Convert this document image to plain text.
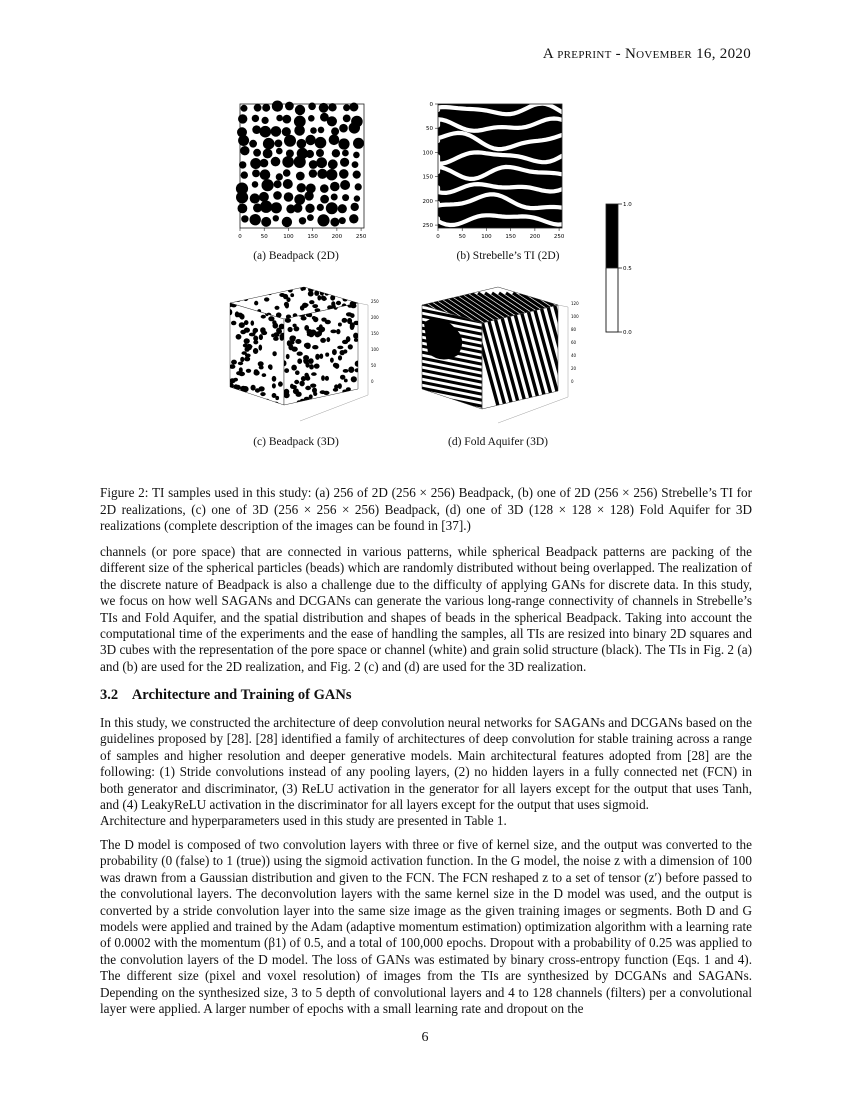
A preprint - November 16, 2020
0	50	100 150 200 250
(a) Beadpack (2D)
0	50	100 150 200 250
0
50
100
150
200
250
(b) Strebelle’s TI (2D)
1.0
0.5
0.0
250
200
150
100
50
0
(c) Beadpack (3D)
120
100
80
60
40
20
0
(d) Fold Aquifer (3D)
Figure 2: TI samples used in this study: (a) 256 of 2D (256 × 256) Beadpack, (b) one of 2D (256 × 256) Strebelle’s TI for 2D realizations, (c) one of 3D (256 × 256 × 256) Beadpack, (d) one of 3D (128 × 128 × 128) Fold Aquifer for 3D realizations (complete description of the images can be found in [37].)

channels (or pore space) that are connected in various patterns, while spherical Beadpack patterns are packing of the different size of the spherical particles (beads) which are randomly distributed without being overlapped. The realization of the discrete nature of Beadpack is also a challenge due to the difficulty of applying GANs for discrete data. In this study, we focus on how well SAGANs and DCGANs can generate the various long-range connectivity of channels in Strebelle’s TIs and Fold Aquifer, and the spatial distribution and shapes of beads in the spherical Beadpack. Taking into account the computational time of the experiments and the ease of handling the samples, all TIs are resized into binary 2D squares and 3D cubes with the representation of the pore space or channel (white) and grain solid structure (black). The TIs in Fig. 2 (a) and (b) are used for the 2D realization, and Fig. 2 (c) and (d) are used for the 3D realization.

3.2 Architecture and Training of GANs

In this study, we constructed the architecture of deep convolution neural networks for SAGANs and DCGANs based on the guidelines proposed by [28]. [28] identified a family of architectures of deep convolution for stable training across a range of samples and higher resolution and deeper generative models. Main architectural features adopted from [28] are the following: (1) Stride convolutions instead of any pooling layers, (2) no hidden layers in a fully connected net (FCN) in both generator and discriminator, (3) ReLU activation in the generator for all layers except for the output that uses Tanh, and (4) LeakyReLU activation in the discriminator for all layers except for the output that uses sigmoid.

Architecture and hyperparameters used in this study are presented in Table 1.

The D model is composed of two convolution layers with three or five of kernel size, and the output was converted to the probability (0 (false) to 1 (true)) using the sigmoid activation function. In the G model, the noise z with a dimension of 100 was drawn from a Gaussian distribution and given to the FCN. The FCN reshaped z to a set of tensor (z′) before passed to the convolutional layers. The deconvolution layers with the same kernel size in the D model was used, and the output is converted by a stride convolution layer into the same size image as the given training images or segments. Both D and G models were applied and trained by the Adam (adaptive momentum estimation) optimization algorithm with a learning rate of 0.0002 with the momentum (β1) of 0.5, and a total of 100,000 epochs. Dropout with a probability of 0.25 was applied to the convolution layers of the D model. The loss of GANs was estimated by binary cross-entropy function (Eqs. 1 and 4). The different size (pixel and voxel resolution) of images from the TIs are synthesized by DCGANs and SAGANs. Depending on the synthesized size, 3 to 5 depth of convolutional layers and 4 to 128 channels (filters) per a convolutional layer were applied. A larger number of epochs with a small learning rate and dropout on the

6
